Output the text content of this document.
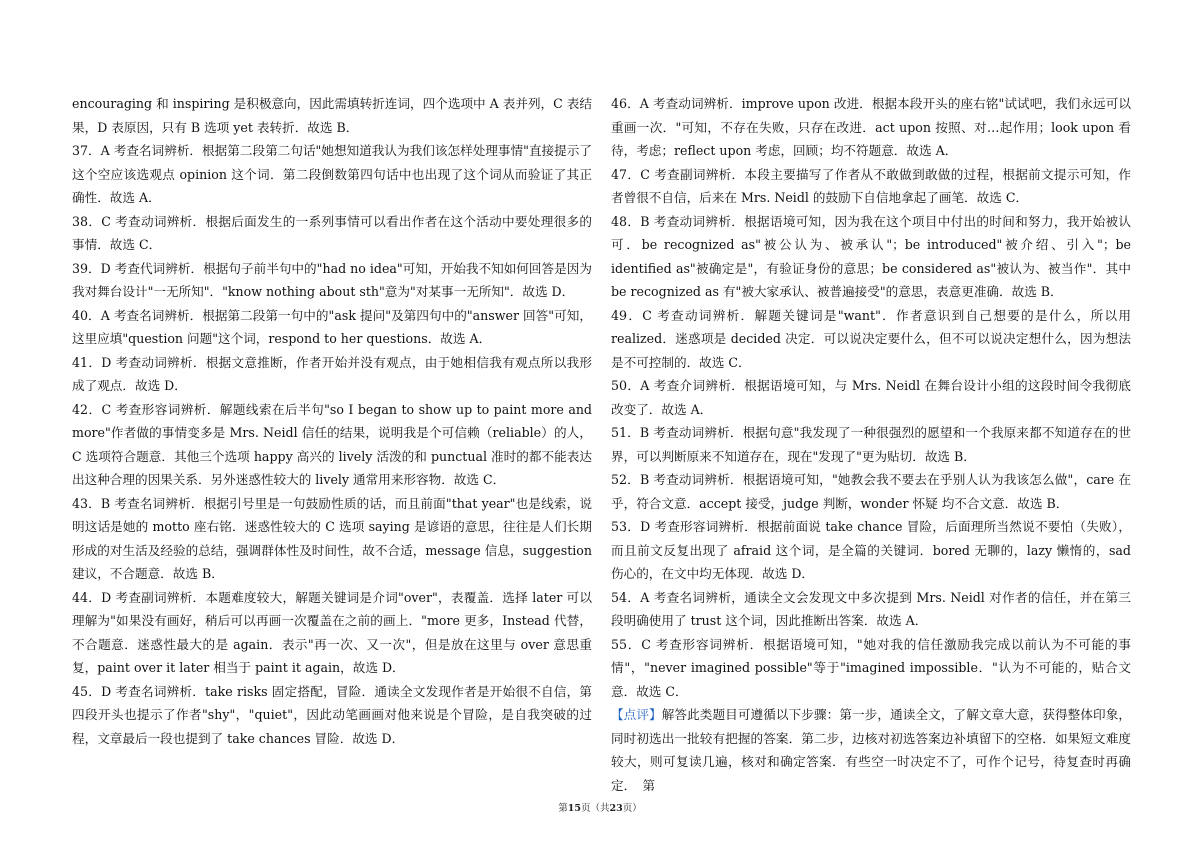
encouraging 和 inspiring 是积极意向，因此需填转折连词，四个选项中 A 表并列，C 表结果，D 表原因，只有 B 选项 yet 表转折．故选 B．

37．A 考查名词辨析．根据第二段第二句话"她想知道我认为我们该怎样处理事情"直接提示了这个空应该选观点 opinion 这个词．第二段倒数第四句话中也出现了这个词从而验证了其正确性．故选 A．

38．C 考查动词辨析．根据后面发生的一系列事情可以看出作者在这个活动中要处理很多的事情．故选 C．

39．D 考查代词辨析．根据句子前半句中的"had no idea"可知，开始我不知如何回答是因为我对舞台设计"一无所知"．"know nothing about sth"意为"对某事一无所知"．故选 D．

40．A 考查名词辨析．根据第二段第一句中的"ask 提问"及第四句中的"answer 回答"可知，这里应填"question 问题"这个词，respond to her questions．故选 A．

41．D 考查动词辨析．根据文意推断，作者开始并没有观点，由于她相信我有观点所以我形成了观点．故选 D．

42．C 考查形容词辨析．解题线索在后半句"so I began to show up to paint more and more"作者做的事情变多是 Mrs. Neidl 信任的结果，说明我是个可信赖（reliable）的人，C 选项符合题意．其他三个选项 happy 高兴的 lively 活泼的和 punctual 准时的都不能表达出这种合理的因果关系．另外迷惑性较大的 lively 通常用来形容物．故选 C．

43．B 考查名词辨析．根据引号里是一句鼓励性质的话，而且前面"that year"也是线索，说明这话是她的 motto 座右铭．迷惑性较大的 C 选项 saying 是谚语的意思，往往是人们长期形成的对生活及经验的总结，强调群体性及时间性，故不合适，message 信息，suggestion 建议，不合题意．故选 B．

44．D 考查副词辨析．本题难度较大，解题关键词是介词"over"，表覆盖．选择 later 可以理解为"如果没有画好，稍后可以再画一次覆盖在之前的画上．"more 更多，Instead 代替，不合题意．迷惑性最大的是 again．表示"再一次、又一次"，但是放在这里与 over 意思重复，paint over it later 相当于 paint it again，故选 D．

45．D 考查名词辨析．take risks 固定搭配，冒险．通读全文发现作者是开始很不自信，第四段开头也提示了作者"shy"，"quiet"，因此动笔画画对他来说是个冒险，是自我突破的过程，文章最后一段也提到了 take chances 冒险．故选 D．

46．A 考查动词辨析．improve upon 改进．根据本段开头的座右铭"试试吧，我们永远可以重画一次．"可知，不存在失败，只存在改进．act upon 按照、对…起作用；look upon 看待，考虑；reflect upon 考虑，回顾；均不符题意．故选 A．

47．C 考查副词辨析．本段主要描写了作者从不敢做到敢做的过程，根据前文提示可知，作者曾很不自信，后来在 Mrs. Neidl 的鼓励下自信地拿起了画笔．故选 C．

48．B 考查动词辨析．根据语境可知，因为我在这个项目中付出的时间和努力，我开始被认可．be recognized as"被公认为、被承认"；be introduced"被介绍、引入"；be identified as"被确定是"，有验证身份的意思；be considered as"被认为、被当作"．其中 be recognized as 有"被大家承认、被普遍接受"的意思，表意更准确．故选 B．

49．C 考查动词辨析．解题关键词是"want"．作者意识到自己想要的是什么，所以用 realized．迷惑项是 decided 决定．可以说决定要什么，但不可以说决定想什么，因为想法是不可控制的．故选 C．

50．A 考查介词辨析．根据语境可知，与 Mrs. Neidl 在舞台设计小组的这段时间令我彻底改变了．故选 A．

51．B 考查动词辨析．根据句意"我发现了一种很强烈的愿望和一个我原来都不知道存在的世界，可以判断原来不知道存在，现在"发现了"更为贴切．故选 B．

52．B 考查动词辨析．根据语境可知，"她教会我不要去在乎别人认为我该怎么做"，care 在乎，符合文意．accept 接受，judge 判断，wonder 怀疑 均不合文意．故选 B．

53．D 考查形容词辨析．根据前面说 take chance 冒险，后面理所当然说不要怕（失败），而且前文反复出现了 afraid 这个词，是全篇的关键词．bored 无聊的，lazy 懒惰的，sad 伤心的，在文中均无体现．故选 D．

54．A 考查名词辨析，通读全文会发现文中多次提到 Mrs. Neidl 对作者的信任，并在第三段明确使用了 trust 这个词，因此推断出答案．故选 A．

55．C 考查形容词辨析．根据语境可知，"她对我的信任激励我完成以前认为不可能的事情"，"never imagined possible"等于"imagined impossible．"认为不可能的，贴合文意．故选 C．

【点评】解答此类题目可遵循以下步骤：第一步，通读全文，了解文章大意，获得整体印象，同时初选出一批较有把握的答案．第二步，边核对初选答案边补填留下的空格．如果短文难度较大，则可复读几遍，核对和确定答案．有些空一时决定不了，可作个记号，待复查时再确定．　第

第15页（共23页）
